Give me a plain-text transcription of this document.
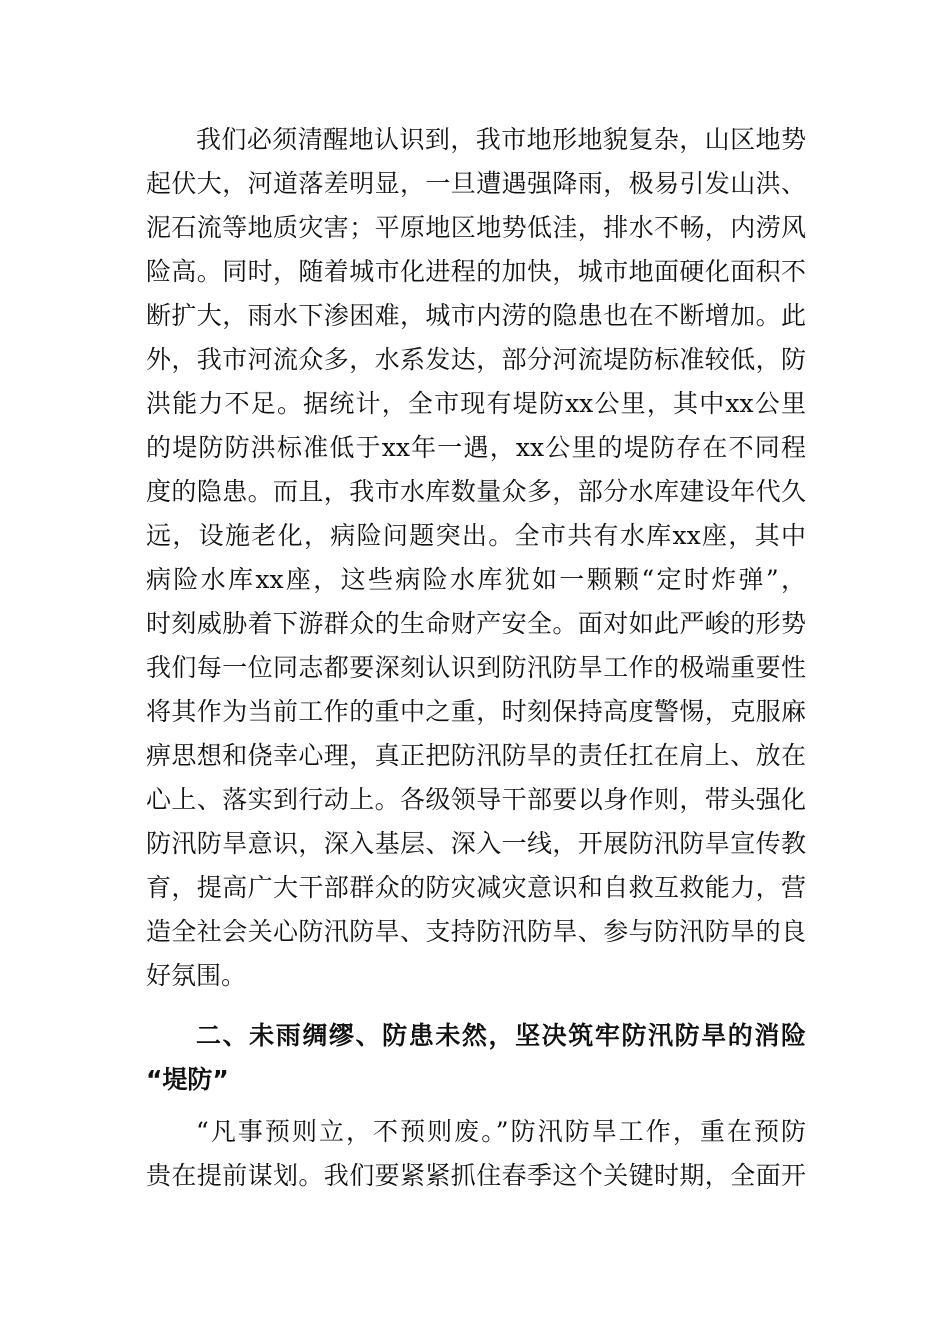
我们必须清醒地认识到，我市地形地貌复杂，山区地势
起伏大，河道落差明显，一旦遭遇强降雨，极易引发山洪、
泥石流等地质灾害；平原地区地势低洼，排水不畅，内涝风
险高。同时，随着城市化进程的加快，城市地面硬化面积不
断扩大，雨水下渗困难，城市内涝的隐患也在不断增加。此
外，我市河流众多，水系发达，部分河流堤防标准较低，防
洪能力不足。据统计，全市现有堤防xx公里，其中xx公里
的堤防防洪标准低于xx年一遇，xx公里的堤防存在不同程
度的隐患。而且，我市水库数量众多，部分水库建设年代久
远，设施老化，病险问题突出。全市共有水库xx座，其中
病险水库xx座，这些病险水库犹如一颗颗“定时炸弹”，
时刻威胁着下游群众的生命财产安全。面对如此严峻的形势
我们每一位同志都要深刻认识到防汛防旱工作的极端重要性
将其作为当前工作的重中之重，时刻保持高度警惕，克服麻
痹思想和侥幸心理，真正把防汛防旱的责任扛在肩上、放在
心上、落实到行动上。各级领导干部要以身作则，带头强化
防汛防旱意识，深入基层、深入一线，开展防汛防旱宣传教
育，提高广大干部群众的防灾减灾意识和自救互救能力，营
造全社会关心防汛防旱、支持防汛防旱、参与防汛防旱的良
好氛围。
二、未雨绸缪、防患未然，坚决筑牢防汛防旱的消险
“堤防”
“凡事预则立，不预则废。”防汛防旱工作，重在预防
贵在提前谋划。我们要紧紧抓住春季这个关键时期，全面开
